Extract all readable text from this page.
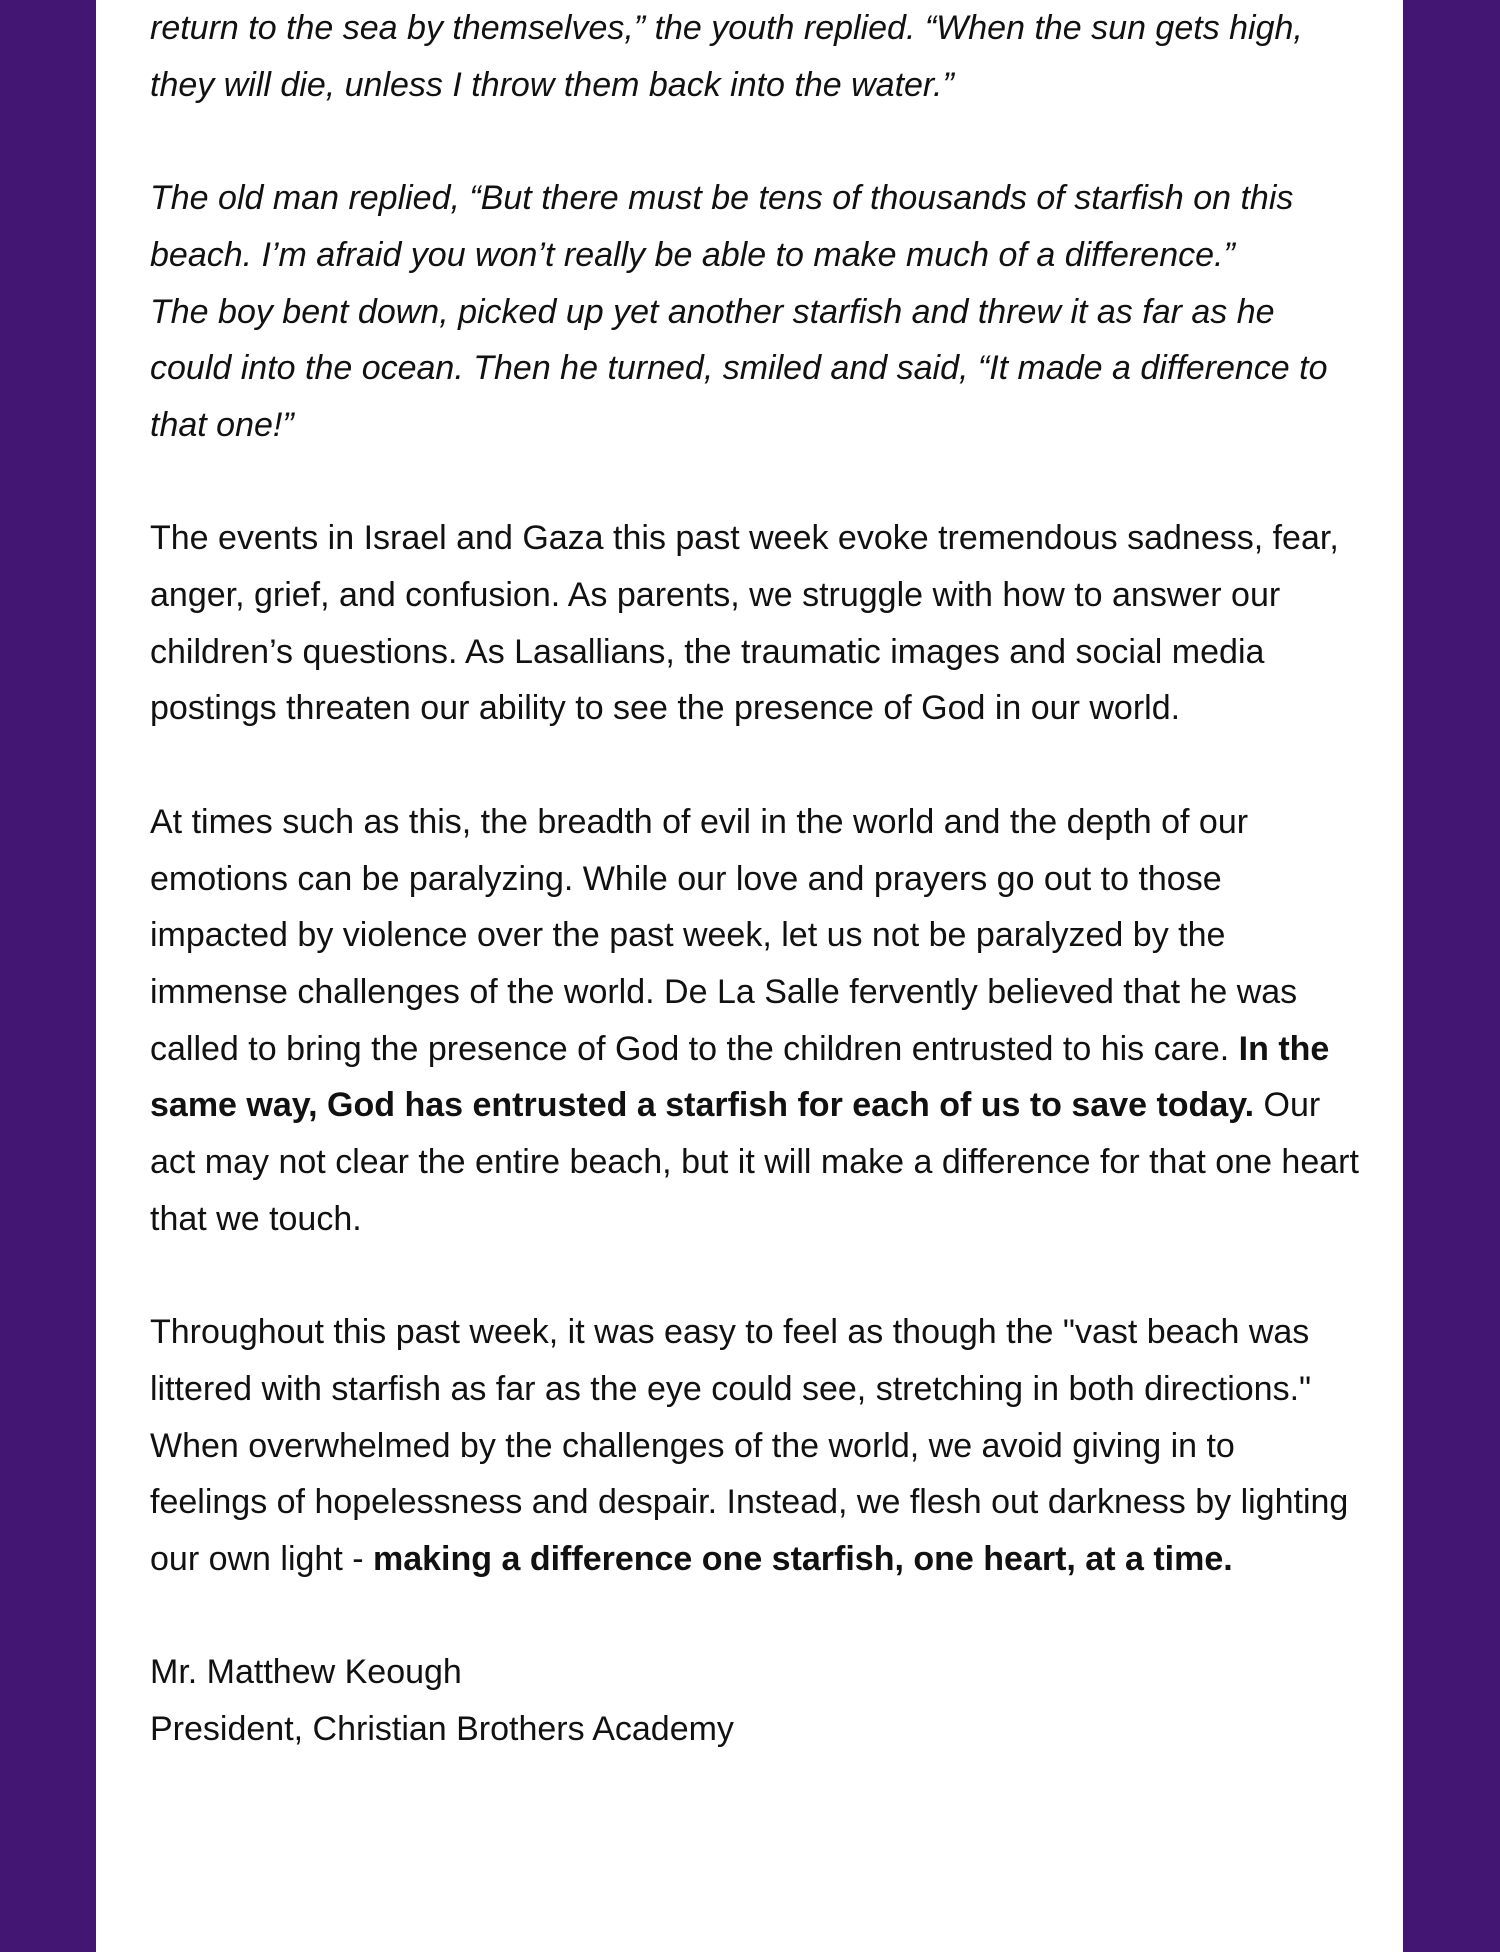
return to the sea by themselves,” the youth replied. “When the sun gets high, they will die, unless I throw them back into the water.”

The old man replied, “But there must be tens of thousands of starfish on this beach. I’m afraid you won’t really be able to make much of a difference.”

The boy bent down, picked up yet another starfish and threw it as far as he could into the ocean. Then he turned, smiled and said, “It made a difference to that one!”

The events in Israel and Gaza this past week evoke tremendous sadness, fear, anger, grief, and confusion. As parents, we struggle with how to answer our children’s questions. As Lasallians, the traumatic images and social media postings threaten our ability to see the presence of God in our world.

At times such as this, the breadth of evil in the world and the depth of our emotions can be paralyzing. While our love and prayers go out to those impacted by violence over the past week, let us not be paralyzed by the immense challenges of the world. De La Salle fervently believed that he was called to bring the presence of God to the children entrusted to his care. In the same way, God has entrusted a starfish for each of us to save today. Our act may not clear the entire beach, but it will make a difference for that one heart that we touch.

Throughout this past week, it was easy to feel as though the "vast beach was littered with starfish as far as the eye could see, stretching in both directions." When overwhelmed by the challenges of the world, we avoid giving in to feelings of hopelessness and despair. Instead, we flesh out darkness by lighting our own light - making a difference one starfish, one heart, at a time.

Mr. Matthew Keough

President, Christian Brothers Academy
